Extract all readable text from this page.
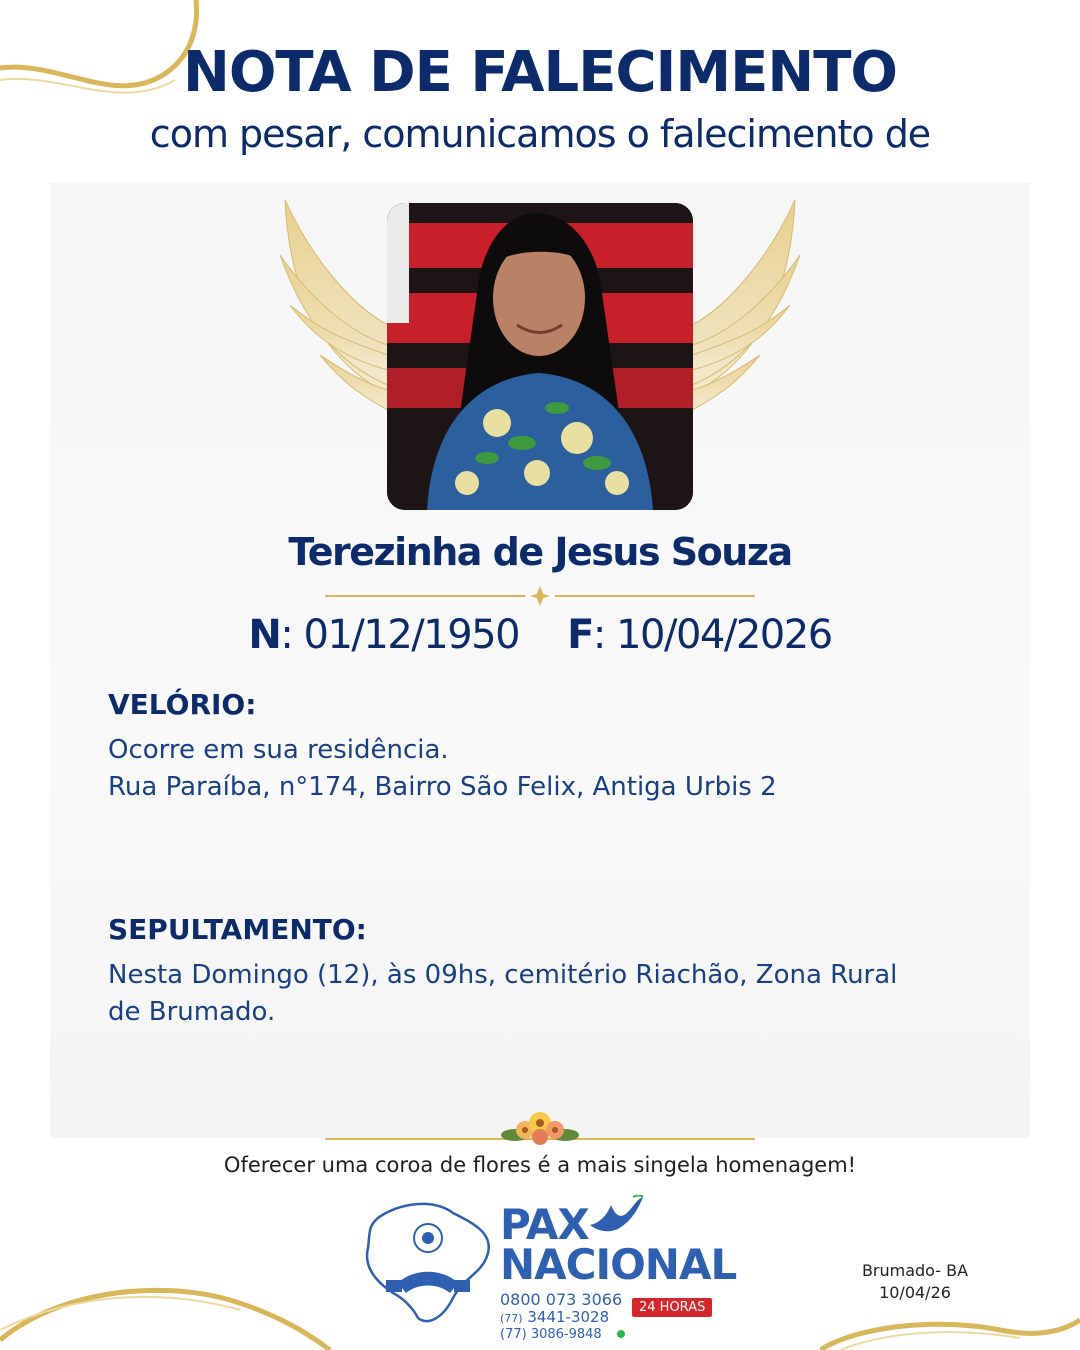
NOTA DE FALECIMENTO
com pesar, comunicamos o falecimento de
Terezinha de Jesus Souza
N: 01/12/1950 F: 10/04/2026
VELÓRIO:
Ocorre em sua residência.
Rua Paraíba, n°174, Bairro São Felix, Antiga Urbis 2
SEPULTAMENTO:
Nesta Domingo (12), às 09hs, cemitério Riachão, Zona Rural
de Brumado.
Oferecer uma coroa de flores é a mais singela homenagem!
PAX
NACIONAL
0800 073 3066
(77) 3441-3028
(77) 3086-9848
24 HORAS
Brumado- BA
10/04/26
